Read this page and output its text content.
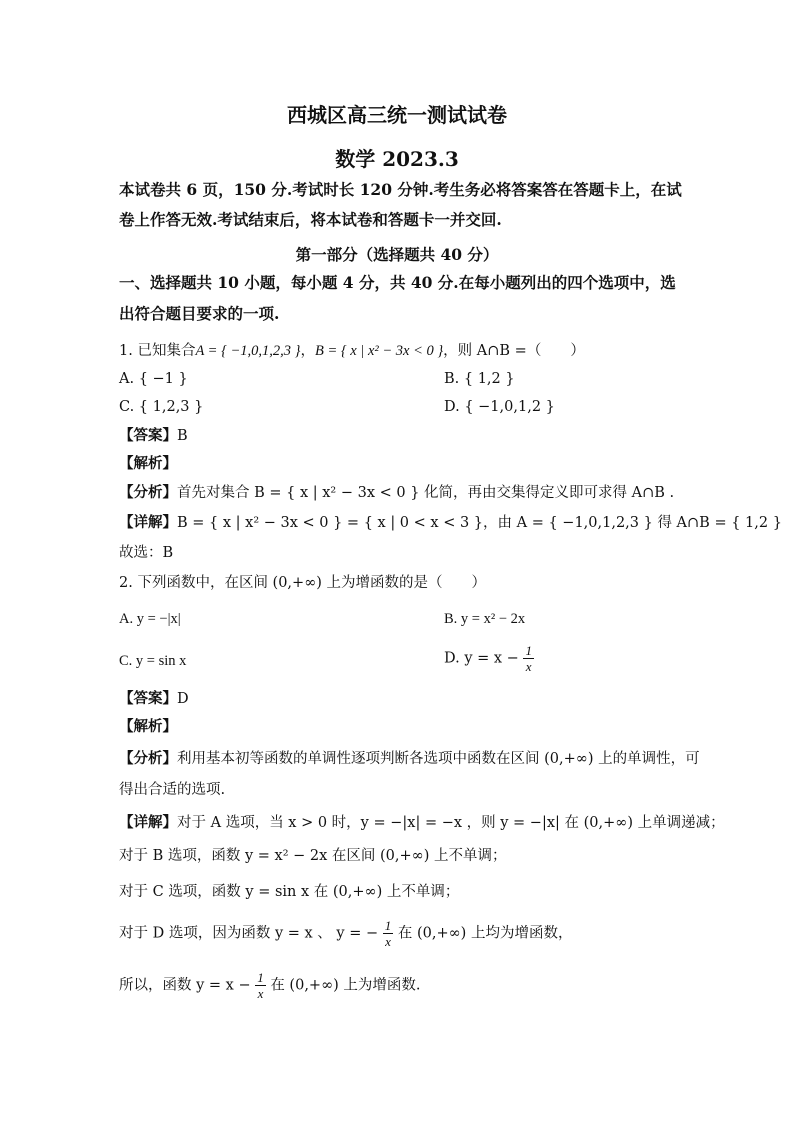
西城区高三统一测试试卷
数学 2023.3
本试卷共 6 页，150 分.考试时长 120 分钟.考生务必将答案答在答题卡上，在试
卷上作答无效.考试结束后，将本试卷和答题卡一并交回.
第一部分（选择题共 40 分）
一、选择题共 10 小题，每小题 4 分，共 40 分.在每小题列出的四个选项中，选
出符合题目要求的一项.
1. 已知集合A = { −1,0,1,2,3 }，B = { x | x² − 3x < 0 }，则 A∩B =（　　）
A. { −1 }	B. { 1,2 }
C. { 1,2,3 }	D. { −1,0,1,2 }
【答案】B
【解析】
【分析】首先对集合 B = { x | x² − 3x < 0 } 化简，再由交集得定义即可求得 A∩B .
【详解】B = { x | x² − 3x < 0 } = { x | 0 < x < 3 }，由 A = { −1,0,1,2,3 } 得 A∩B = { 1,2 }
故选：B
2. 下列函数中，在区间 (0,+∞) 上为增函数的是（　　）
A. y = −|x|	B. y = x² − 2x
C. y = sin x	D. $y = x - \frac{1}{x}$
【答案】D
【解析】
【分析】利用基本初等函数的单调性逐项判断各选项中函数在区间 (0,+∞) 上的单调性，可
得出合适的选项.
【详解】对于 A 选项，当 x > 0 时，y = −|x| = −x ，则 y = −|x| 在 (0,+∞) 上单调递减；
对于 B 选项，函数 y = x² − 2x 在区间 (0,+∞) 上不单调；
对于 C 选项，函数 y = sin x 在 (0,+∞) 上不单调；
对于 D 选项，因为函数 y = x 、 y = − $\frac{1}{x}$ 在 (0,+∞) 上均为增函数，
所以，函数 $y = x - \frac{1}{x}$ 在 (0,+∞) 上为增函数.
